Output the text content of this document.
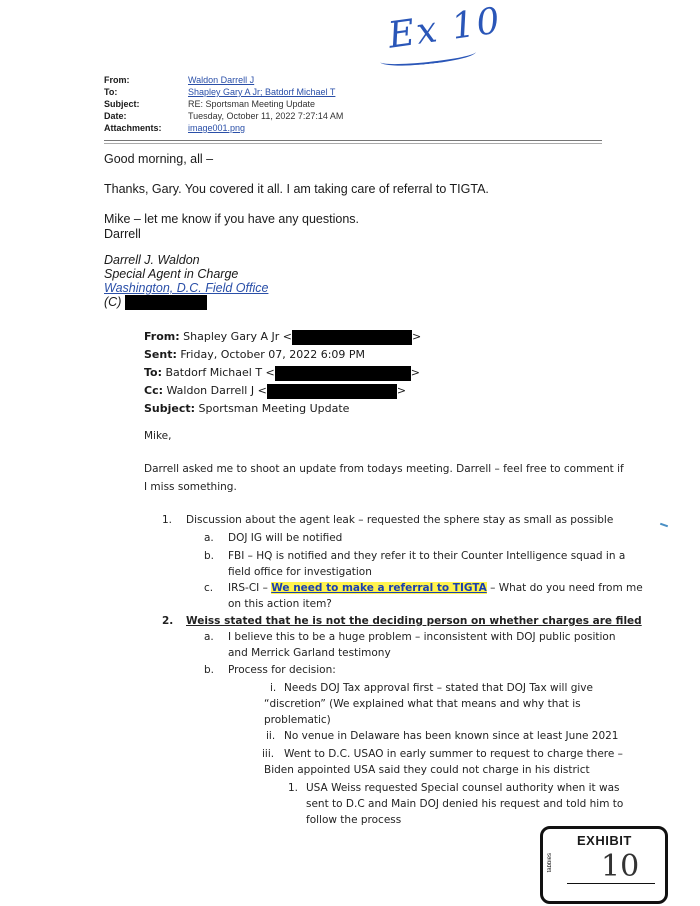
Ex 10
From:	Waldon Darrell J
To:	Shapley Gary A Jr; Batdorf Michael T
Subject:	RE: Sportsman Meeting Update
Date:	Tuesday, October 11, 2022 7:27:14 AM
Attachments:	image001.png
Good morning, all –
Thanks, Gary. You covered it all. I am taking care of referral to TIGTA.
Mike – let me know if you have any questions.
Darrell
Darrell J. Waldon
Special Agent in Charge
Washington, D.C. Field Office
(C)
From: Shapley Gary A Jr <	>
Sent: Friday, October 07, 2022 6:09 PM
To: Batdorf Michael T <	>
Cc: Waldon Darrell J <	>
Subject: Sportsman Meeting Update
Mike,
Darrell asked me to shoot an update from todays meeting. Darrell – feel free to comment if
I miss something.
1. Discussion about the agent leak – requested the sphere stay as small as possible
a. DOJ IG will be notified
b. FBI – HQ is notified and they refer it to their Counter Intelligence squad in a
field office for investigation
c. IRS-CI – We need to make a referral to TIGTA – What do you need from me
on this action item?
2. Weiss stated that he is not the deciding person on whether charges are filed
a. I believe this to be a huge problem – inconsistent with DOJ public position
and Merrick Garland testimony
b. Process for decision:
i. Needs DOJ Tax approval first – stated that DOJ Tax will give
“discretion” (We explained what that means and why that is
problematic)
ii. No venue in Delaware has been known since at least June 2021
iii. Went to D.C. USAO in early summer to request to charge there –
Biden appointed USA said they could not charge in his district
1. USA Weiss requested Special counsel authority when it was
sent to D.C and Main DOJ denied his request and told him to
follow the process
EXHIBIT
tabbies 10
